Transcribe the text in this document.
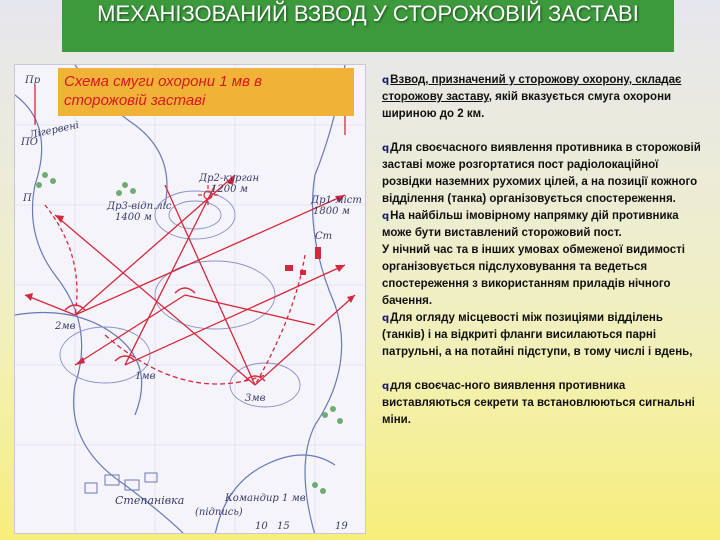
МЕХАНІЗОВАНИЙ ВЗВОД У СТОРОЖОВІЙ ЗАСТАВІ
Пр
ПО
Лігервені
П
Др2-курган
1200 м
Др3-відп.ліс
1400 м
Др1-міст
1800 м
Ст
1мв
2мв
3мв
Степанівка	Командир 1 мв
(підпись)
10 15	19
Схема смуги охорони 1 мв в
сторожовій заставі
qВзвод, призначений у сторожову охорону, складає сторожову заставу, якій вказується смуга охорони шириною до 2 км.
qДля своєчасного виявлення противника в сторожовій заставі може розгортатися пост радіолокаційної розвідки наземних рухомих цілей, а на позиції кожного відділення (танка) організовується спостереження.
qНа найбільш імовірному напрямку дій противника може бути виставлений сторожовий пост.
У нічний час та в інших умовах обмеженої видимості організовується підслуховування та ведеться спостереження з використанням приладів нічного бачення.
qДля огляду місцевості між позиціями відділень (танків) і на відкриті фланги висилаються парні патрульні, а на потайні підступи, в тому числі і вдень,
qдля своєчас-ного виявлення противника виставляються секрети та встановлюються сигнальні міни.
